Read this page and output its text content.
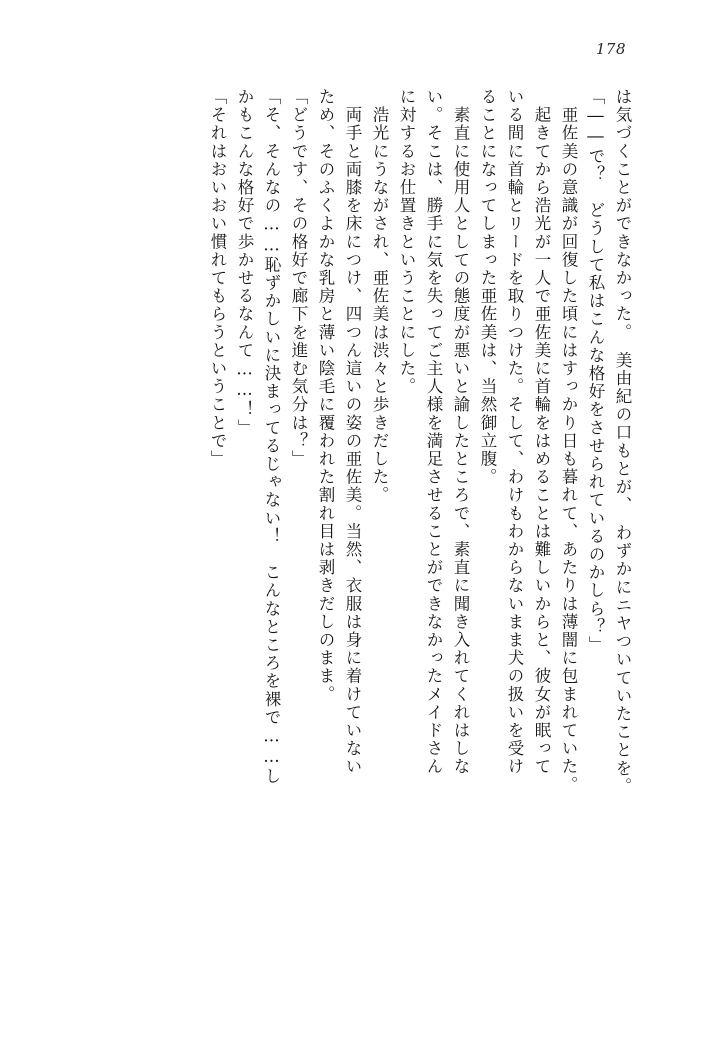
178
は気づくことができなかった。　美由紀の口もとが、　わずかにニヤついていたことを。
「――で？　どうして私はこんな格好をさせられているのかしら？」
　亜佐美の意識が回復した頃にはすっかり日も暮れて、あたりは薄闇に包まれていた。
　起きてから浩光が一人で亜佐美に首輪をはめることは難しいからと、彼女が眠って
いる間に首輪とリードを取りつけた。そして、わけもわからないまま犬の扱いを受け
ることになってしまった亜佐美は、当然御立腹。
　素直に使用人としての態度が悪いと諭したところで、素直に聞き入れてくれはしな
い。そこは、勝手に気を失ってご主人様を満足させることができなかったメイドさん
に対するお仕置きということにした。
　浩光にうながされ、亜佐美は渋々と歩きだした。
　両手と両膝を床につけ、四つん這いの姿の亜佐美。当然、衣服は身に着けていない
ため、そのふくよかな乳房と薄い陰毛に覆われた割れ目は剥きだしのまま。
「どうです、その格好で廊下を進む気分は？」
「そ、そんなの……恥ずかしいに決まってるじゃない！　こんなところを裸で……し
かもこんな格好で歩かせるなんて……！」
「それはおいおい慣れてもらうということで」
